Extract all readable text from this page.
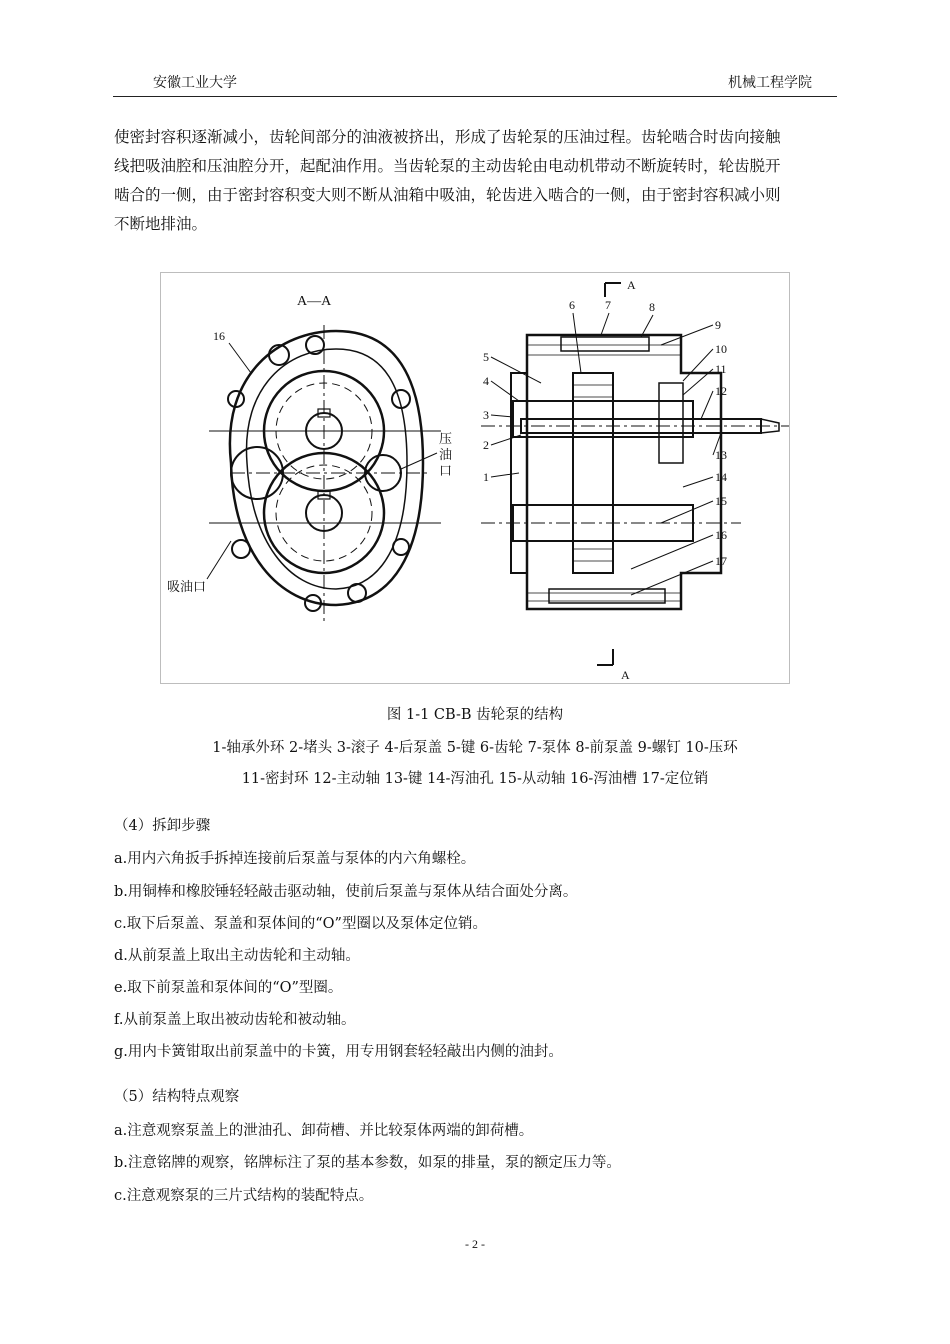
安徽工业大学	机械工程学院
使密封容积逐渐减小，齿轮间部分的油液被挤出，形成了齿轮泵的压油过程。齿轮啮合时齿向接触
线把吸油腔和压油腔分开，起配油作用。当齿轮泵的主动齿轮由电动机带动不断旋转时，轮齿脱开
啮合的一侧，由于密封容积变大则不断从油箱中吸油，轮齿进入啮合的一侧，由于密封容积减小则
不断地排油。
A—A
16
压
油
口
吸油口
A
A
5
4
3
2
1
6	7	8
9
10
11
12
13
14
15
16
17
图 1-1 CB-B 齿轮泵的结构
1-轴承外环 2-堵头 3-滚子 4-后泵盖 5-键 6-齿轮 7-泵体 8-前泵盖 9-螺钉 10-压环
11-密封环 12-主动轴 13-键 14-泻油孔 15-从动轴 16-泻油槽 17-定位销
（4）拆卸步骤
a.用内六角扳手拆掉连接前后泵盖与泵体的内六角螺栓。
b.用铜棒和橡胶锤轻轻敲击驱动轴，使前后泵盖与泵体从结合面处分离。
c.取下后泵盖、泵盖和泵体间的“O”型圈以及泵体定位销。
d.从前泵盖上取出主动齿轮和主动轴。
e.取下前泵盖和泵体间的“O”型圈。
f.从前泵盖上取出被动齿轮和被动轴。
g.用内卡簧钳取出前泵盖中的卡簧，用专用钢套轻轻敲出内侧的油封。
（5）结构特点观察
a.注意观察泵盖上的泄油孔、卸荷槽、并比较泵体两端的卸荷槽。
b.注意铭牌的观察，铭牌标注了泵的基本参数，如泵的排量，泵的额定压力等。
c.注意观察泵的三片式结构的装配特点。
- 2 -
